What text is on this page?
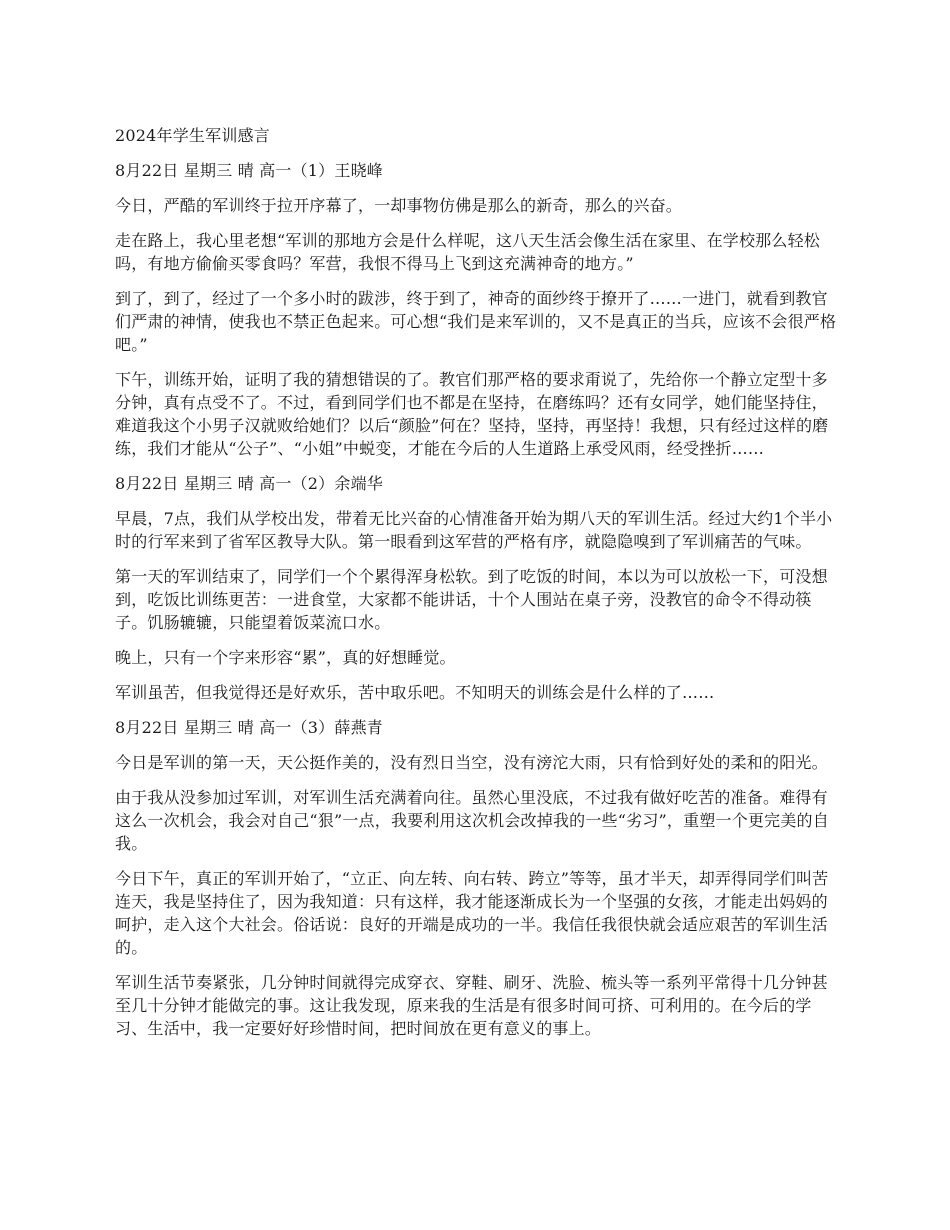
2024年学生军训感言

8月22日 星期三 晴 高一（1）王晓峰

今日，严酷的军训终于拉开序幕了，一却事物仿佛是那么的新奇，那么的兴奋。

走在路上，我心里老想“军训的那地方会是什么样呢，这八天生活会像生活在家里、在学校那么轻松吗，有地方偷偷买零食吗？军营，我恨不得马上飞到这充满神奇的地方。”

到了，到了，经过了一个多小时的跋涉，终于到了，神奇的面纱终于撩开了……一进门，就看到教官们严肃的神情，使我也不禁正色起来。可心想“我们是来军训的，又不是真正的当兵，应该不会很严格吧。”

下午，训练开始，证明了我的猜想错误的了。教官们那严格的要求甭说了，先给你一个静立定型十多分钟，真有点受不了。不过，看到同学们也不都是在坚持，在磨练吗？还有女同学，她们能坚持住，难道我这个小男子汉就败给她们？以后“颜脸”何在？坚持，坚持，再坚持！我想，只有经过这样的磨练，我们才能从“公子”、“小姐”中蜕变，才能在今后的人生道路上承受风雨，经受挫折……

8月22日 星期三 晴 高一（2）余端华

早晨，7点，我们从学校出发，带着无比兴奋的心情准备开始为期八天的军训生活。经过大约1个半小时的行军来到了省军区教导大队。第一眼看到这军营的严格有序，就隐隐嗅到了军训痛苦的气味。

第一天的军训结束了，同学们一个个累得浑身松软。到了吃饭的时间，本以为可以放松一下，可没想到，吃饭比训练更苦：一进食堂，大家都不能讲话，十个人围站在桌子旁，没教官的命令不得动筷子。饥肠辘辘，只能望着饭菜流口水。

晚上，只有一个字来形容“累”，真的好想睡觉。

军训虽苦，但我觉得还是好欢乐，苦中取乐吧。不知明天的训练会是什么样的了……

8月22日 星期三 晴 高一（3）薛燕青

今日是军训的第一天，天公挺作美的，没有烈日当空，没有滂沱大雨，只有恰到好处的柔和的阳光。

由于我从没参加过军训，对军训生活充满着向往。虽然心里没底，不过我有做好吃苦的准备。难得有这么一次机会，我会对自己“狠”一点，我要利用这次机会改掉我的一些“劣习”，重塑一个更完美的自我。

今日下午，真正的军训开始了，“立正、向左转、向右转、跨立”等等，虽才半天，却弄得同学们叫苦连天，我是坚持住了，因为我知道：只有这样，我才能逐渐成长为一个坚强的女孩，才能走出妈妈的呵护，走入这个大社会。俗话说：良好的开端是成功的一半。我信任我很快就会适应艰苦的军训生活的。

军训生活节奏紧张，几分钟时间就得完成穿衣、穿鞋、刷牙、洗脸、梳头等一系列平常得十几分钟甚至几十分钟才能做完的事。这让我发现，原来我的生活是有很多时间可挤、可利用的。在今后的学习、生活中，我一定要好好珍惜时间，把时间放在更有意义的事上。
